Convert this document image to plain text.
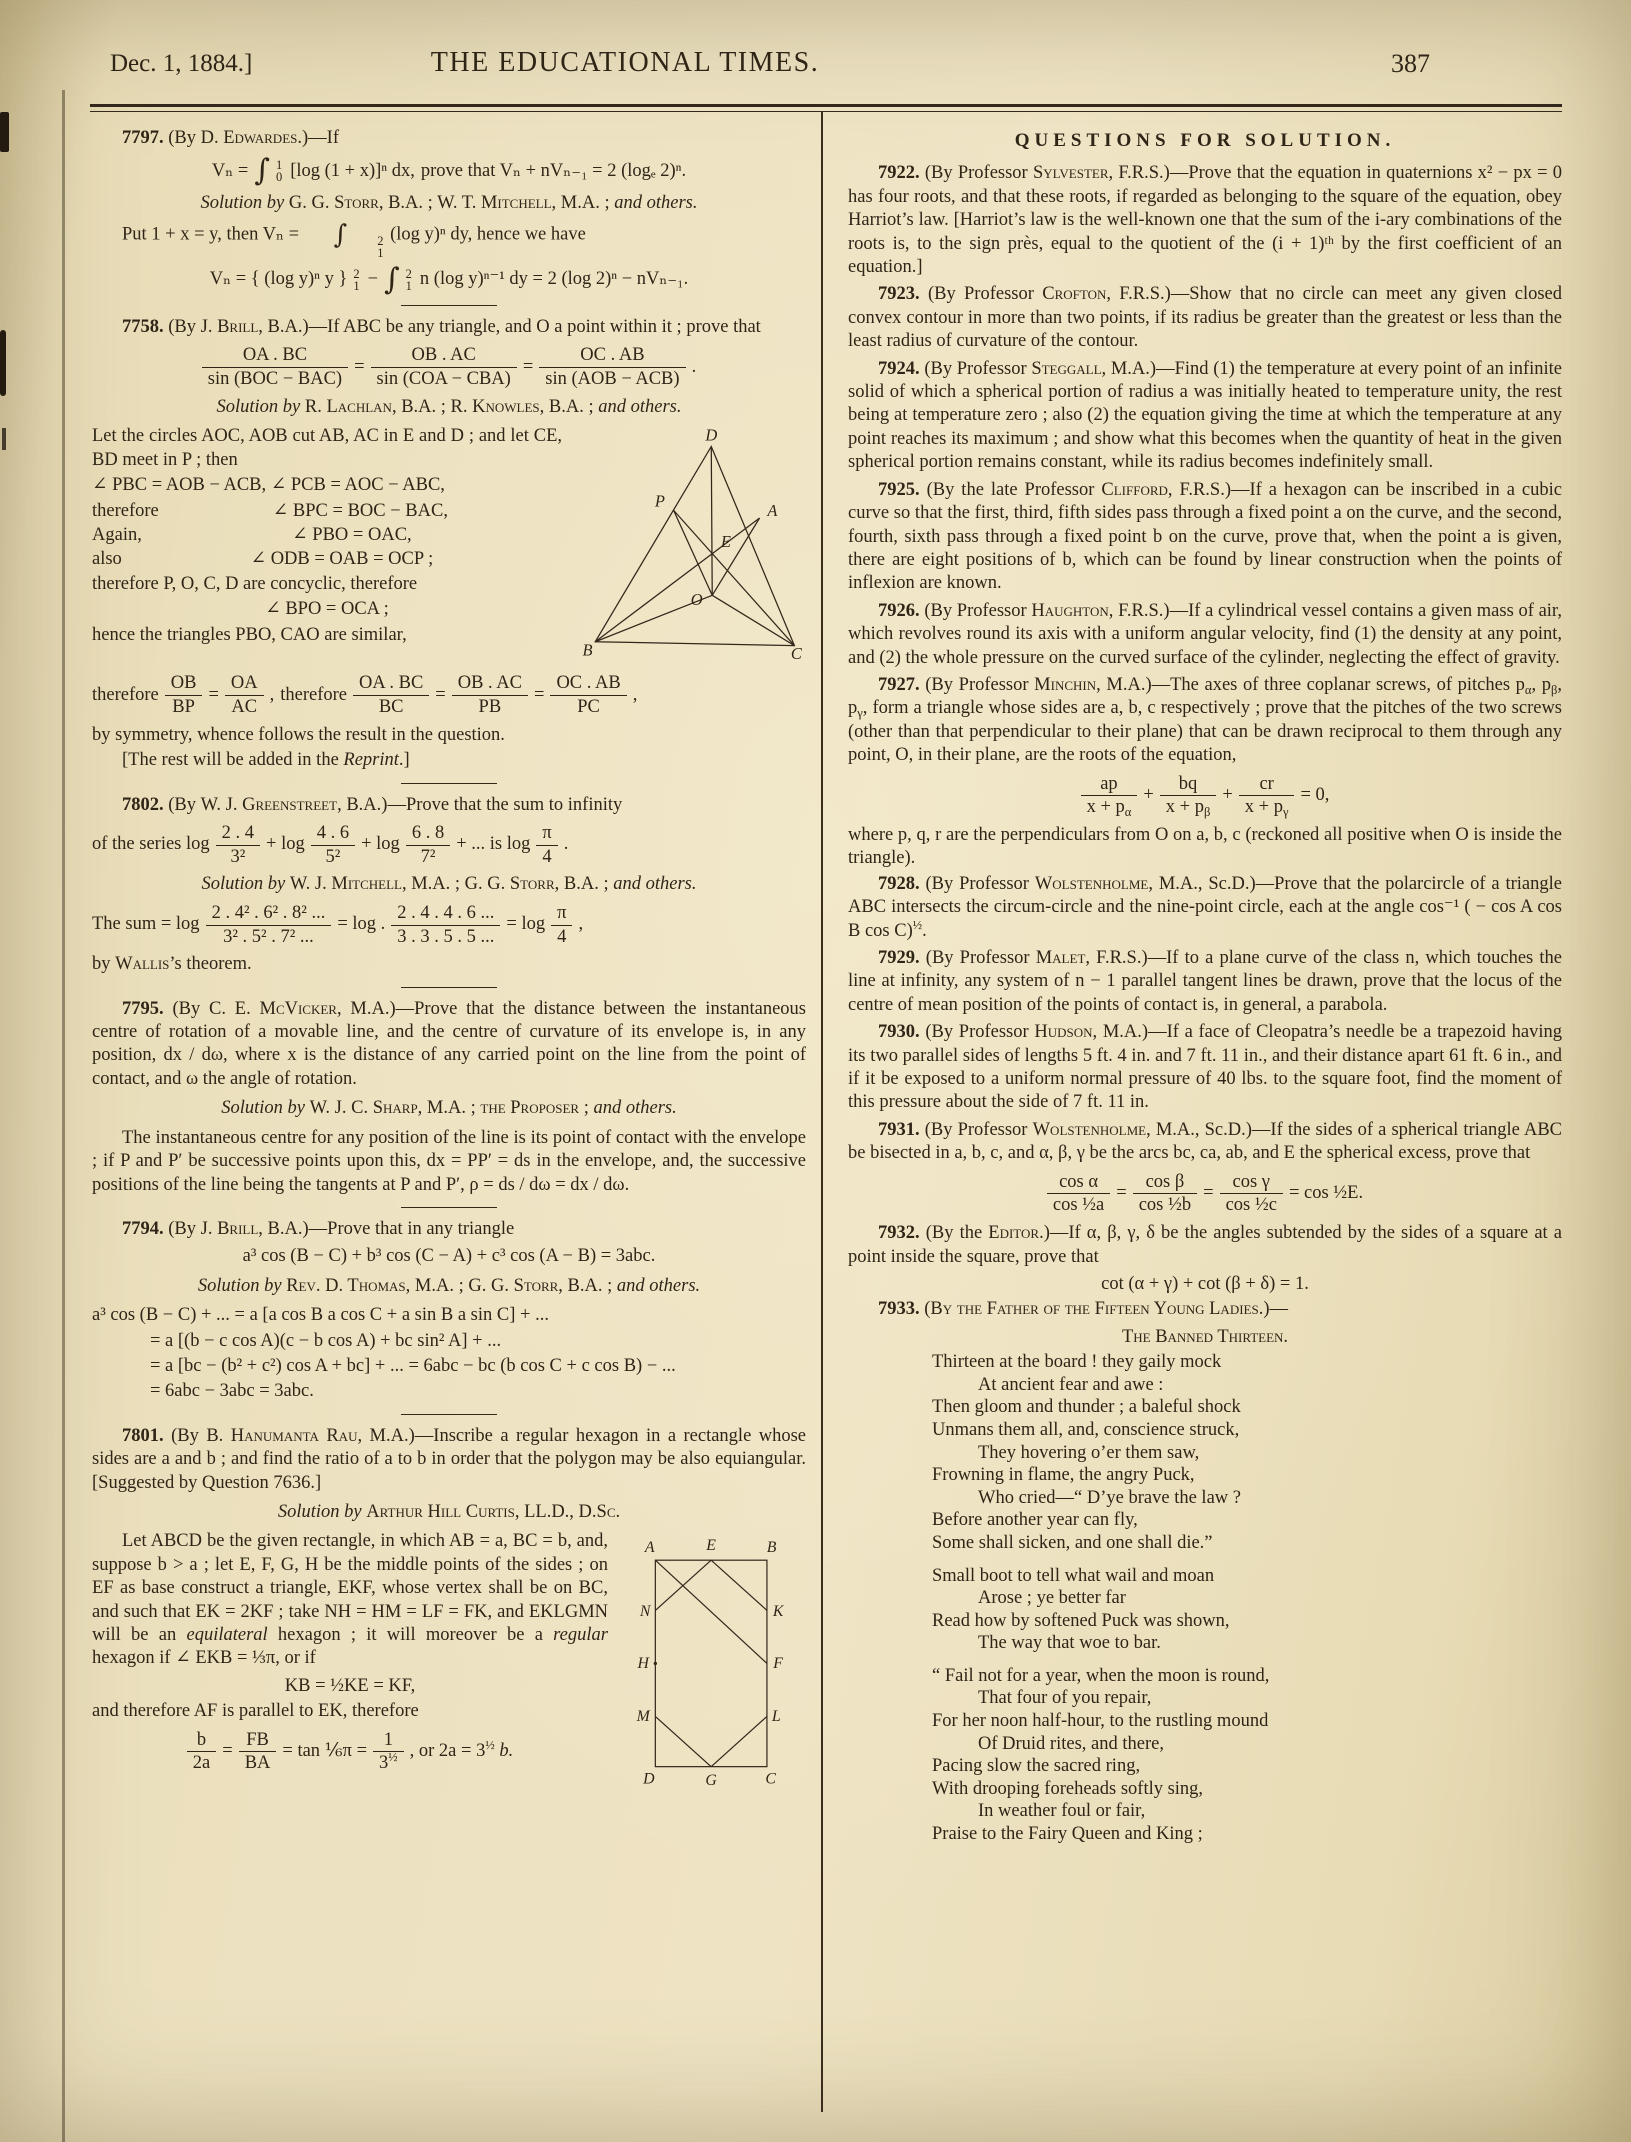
Dec. 1, 1884.]	THE EDUCATIONAL TIMES.	387

7797. (By D. Edwardes.)—If

Vₙ = ∫ 1
0 [log (1 + x)]ⁿ dx, prove that Vₙ + nVₙ₋₁ = 2 (logₑ 2)ⁿ.

Solution by G. G. Storr, B.A. ; W. T. Mitchell, M.A. ; and others.

Put 1 + x = y, then Vₙ = ∫	2
1
(log y)ⁿ dy, hence we have

Vₙ = { (log y)ⁿ y } 2
1 − ∫ 2
1 n (log y)ⁿ⁻¹ dy = 2 (log 2)ⁿ − nVₙ₋₁.

7758. (By J. Brill, B.A.)—If ABC be any triangle, and O a point within it ; prove that

OA . BC
sin (BOC − BAC)
=
OB . AC
sin (COA − CBA)
=
OC . AB
sin (AOB − ACB)
.

Solution by R. Lachlan, B.A. ; R. Knowles, B.A. ; and others.

D
P
A
E
O
B	C

Let the circles AOC, AOB cut AB, AC in E and D ; and let CE, BD meet in P ; then

∠ PBC = AOB − ACB, ∠ PCB = AOC − ABC,

therefore	∠ BPC = BOC − BAC,
Again,	∠ PBO = OAC,
also	∠ ODB = OAB = OCP ;

therefore P, O, C, D are concyclic, therefore

∠ BPO = OCA ;

hence the triangles PBO, CAO are similar,

therefore $\frac{OB}{BP} = \frac{OA}{AC}$ , therefore $\frac{OA . BC}{BC} = \frac{OB . AC}{PB} = \frac{OC . AB}{PC}$ ,

by symmetry, whence follows the result in the question.

[The rest will be added in the Reprint.]

7802. (By W. J. Greenstreet, B.A.)—Prove that the sum to infinity

of the series $\log \frac{2 . 4}{\text{3²}} + \log \frac{4 . 6}{\text{5²}} + \log \frac{6 . 8}{\text{7²}}$ + ... is $\log \frac{\pi}{4}$ .

Solution by W. J. Mitchell, M.A. ; G. G. Storr, B.A. ; and others.

The sum = $\log \frac{\text{2 . 4² . 6² . 8² ...}}{\text{3² . 5² . 7² ...}} = \log$ . $\frac{2 . 4 . 4 . 6 ...}{3 . 3 . 5 . 5 ...} = \log \frac{\pi}{4}$ ,

by Wallis’s theorem.

7795. (By C. E. McVicker, M.A.)—Prove that the distance between the instantaneous centre of rotation of a movable line, and the centre of curvature of its envelope is, in any position, dx / dω, where x is the distance of any carried point on the line from the point of contact, and ω the angle of rotation.

Solution by W. J. C. Sharp, M.A. ; the Proposer ; and others.

The instantaneous centre for any position of the line is its point of contact with the envelope ; if P and P′ be successive points upon this, dx = PP′ = ds in the envelope, and, the successive positions of the line being the tangents at P and P′, ρ = ds / dω = dx / dω.

7794. (By J. Brill, B.A.)—Prove that in any triangle

a³ cos (B − C) + b³ cos (C − A) + c³ cos (A − B) = 3abc.

Solution by Rev. D. Thomas, M.A. ; G. G. Storr, B.A. ; and others.

a³ cos (B − C) + ... = a [a cos B a cos C + a sin B a sin C] + ...

= a [(b − c cos A)(c − b cos A) + bc sin² A] + ...

= a [bc − (b² + c²) cos A + bc] + ... = 6abc − bc (b cos C + c cos B) − ...

= 6abc − 3abc = 3abc.

7801. (By B. Hanumanta Rau, M.A.)—Inscribe a regular hexagon in a rectangle whose sides are a and b ; and find the ratio of a to b in order that the polygon may be also equiangular. [Suggested by Question 7636.]

Solution by Arthur Hill Curtis, LL.D., D.Sc.

A	E	B
N	K
H	F
M	L
D	G	C

Let ABCD be the given rectangle, in which AB = a, BC = b, and, suppose b > a ; let E, F, G, H be the middle points of the sides ; on EF as base construct a triangle, EKF, whose vertex shall be on BC, and such that EK = 2KF ; take NH = HM = LF = FK, and EKLGMN will be an equilateral hexagon ; it will moreover be a regular hexagon if ∠ EKB = ⅓π, or if

KB = ½KE = KF,

and therefore AF is parallel to EK, therefore

$\frac{b}{2a} = \frac{FB}{BA} = \tan$ ⅙π = $\frac{1}{3^{\frac{1}{2}}}$ , or $2a = 3^{\frac{1}{2}}$ b.

QUESTIONS FOR SOLUTION.

7922. (By Professor Sylvester, F.R.S.)—Prove that the equation in quaternions x² − px = 0 has four roots, and that these roots, if regarded as belonging to the square of the equation, obey Harriot’s law. [Harriot’s law is the well-known one that the sum of the i-ary combinations of the roots is, to the sign près, equal to the quotient of the (i + 1)ᵗʰ by the first coefficient of an equation.]

7923. (By Professor Crofton, F.R.S.)—Show that no circle can meet any given closed convex contour in more than two points, if its radius be greater than the greatest or less than the least radius of curvature of the contour.

7924. (By Professor Steggall, M.A.)—Find (1) the temperature at every point of an infinite solid of which a spherical portion of radius a was initially heated to temperature unity, the rest being at temperature zero ; also (2) the equation giving the time at which the temperature at any point reaches its maximum ; and show what this becomes when the quantity of heat in the given spherical portion remains constant, while its radius becomes indefinitely small.

7925. (By the late Professor Clifford, F.R.S.)—If a hexagon can be inscribed in a cubic curve so that the first, third, fifth sides pass through a fixed point a on the curve, and the second, fourth, sixth pass through a fixed point b on the curve, prove that, when the point a is given, there are eight positions of b, which can be found by linear construction when the points of inflexion are known.

7926. (By Professor Haughton, F.R.S.)—If a cylindrical vessel contains a given mass of air, which revolves round its axis with a uniform angular velocity, find (1) the density at any point, and (2) the whole pressure on the curved surface of the cylinder, neglecting the effect of gravity.

7927. (By Professor Minchin, M.A.)—The axes of three coplanar screws, of pitches $p_\alpha$, $p_\beta$, $p_\gamma$, form a triangle whose sides are a, b, c respectively ; prove that the pitches of the two screws (other than that perpendicular to their plane) that can be drawn reciprocal to them through any point, O, in their plane, are the roots of the equation,

$\frac{ap}{x + p_\alpha} + \frac{bq}{x + p_\beta} + \frac{cr}{x + p_\gamma} = 0$,

where p, q, r are the perpendiculars from O on a, b, c (reckoned all positive when O is inside the triangle).

7928. (By Professor Wolstenholme, M.A., Sc.D.)—Prove that the polarcircle of a triangle ABC intersects the circum-circle and the nine-point circle, each at the angle cos⁻¹ ( − cos A cos B cos C)$^{\frac{1}{2}}$.

7929. (By Professor Malet, F.R.S.)—If to a plane curve of the class n, which touches the line at infinity, any system of n − 1 parallel tangent lines be drawn, prove that the locus of the centre of mean position of the points of contact is, in general, a parabola.

7930. (By Professor Hudson, M.A.)—If a face of Cleopatra’s needle be a trapezoid having its two parallel sides of lengths 5 ft. 4 in. and 7 ft. 11 in., and their distance apart 61 ft. 6 in., and if it be exposed to a uniform normal pressure of 40 lbs. to the square foot, find the moment of this pressure about the side of 7 ft. 11 in.

7931. (By Professor Wolstenholme, M.A., Sc.D.)—If the sides of a spherical triangle ABC be bisected in a, b, c, and α, β, γ be the arcs bc, ca, ab, and E the spherical excess, prove that

$\frac{\text{cos α}}{\text{cos ½a}} = \frac{\text{cos β}}{\text{cos ½b}} = \frac{\text{cos γ}}{\text{cos ½c}} = \cos$ ½E.

7932. (By the Editor.)—If α, β, γ, δ be the angles subtended by the sides of a square at a point inside the square, prove that

cot (α + γ) + cot (β + δ) = 1.

7933. (By the Father of the Fifteen Young Ladies.)—

The Banned Thirteen.

Thirteen at the board ! they gaily mock
At ancient fear and awe :
Then gloom and thunder ; a baleful shock
Unmans them all, and, conscience struck,
They hovering o’er them saw,
Frowning in flame, the angry Puck,
Who cried—“ D’ye brave the law ?
Before another year can fly,
Some shall sicken, and one shall die.”
Small boot to tell what wail and moan
Arose ; ye better far
Read how by softened Puck was shown,
The way that woe to bar.
“ Fail not for a year, when the moon is round,
That four of you repair,
For her noon half-hour, to the rustling mound
Of Druid rites, and there,
Pacing slow the sacred ring,
With drooping foreheads softly sing,
In weather foul or fair,
Praise to the Fairy Queen and King ;
